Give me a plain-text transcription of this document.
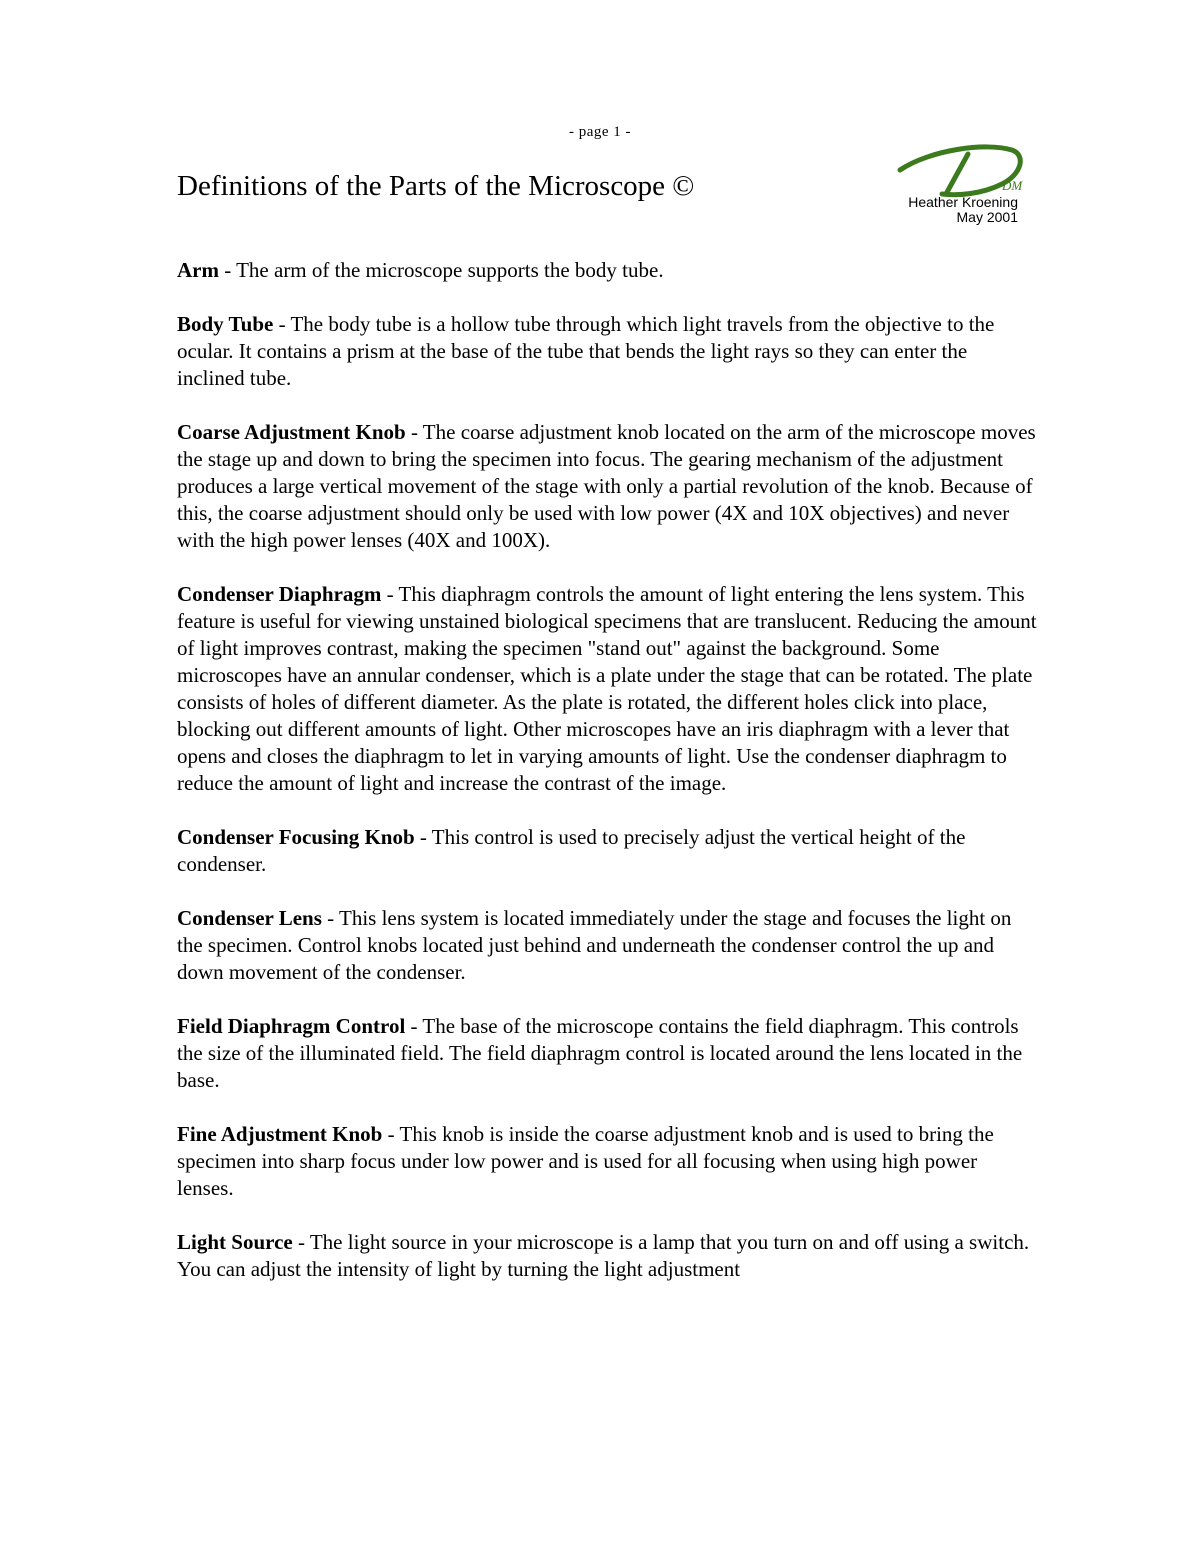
- page 1 -
Definitions of the Parts of the Microscope ©	DM
Heather Kroening
May 2001

Arm - The arm of the microscope supports the body tube.

Body Tube - The body tube is a hollow tube through which light travels from the objective to the ocular. It contains a prism at the base of the tube that bends the light rays so they can enter the inclined tube.

Coarse Adjustment Knob - The coarse adjustment knob located on the arm of the microscope moves the stage up and down to bring the specimen into focus. The gearing mechanism of the adjustment produces a large vertical movement of the stage with only a partial revolution of the knob. Because of this, the coarse adjustment should only be used with low power (4X and 10X objectives) and never with the high power lenses (40X and 100X).

Condenser Diaphragm - This diaphragm controls the amount of light entering the lens system. This feature is useful for viewing unstained biological specimens that are translucent. Reducing the amount of light improves contrast, making the specimen "stand out" against the background. Some microscopes have an annular condenser, which is a plate under the stage that can be rotated. The plate consists of holes of different diameter. As the plate is rotated, the different holes click into place, blocking out different amounts of light. Other microscopes have an iris diaphragm with a lever that opens and closes the diaphragm to let in varying amounts of light. Use the condenser diaphragm to reduce the amount of light and increase the contrast of the image.

Condenser Focusing Knob - This control is used to precisely adjust the vertical height of the condenser.

Condenser Lens - This lens system is located immediately under the stage and focuses the light on the specimen. Control knobs located just behind and underneath the condenser control the up and down movement of the condenser.

Field Diaphragm Control - The base of the microscope contains the field diaphragm. This controls the size of the illuminated field. The field diaphragm control is located around the lens located in the base.

Fine Adjustment Knob - This knob is inside the coarse adjustment knob and is used to bring the specimen into sharp focus under low power and is used for all focusing when using high power lenses.

Light Source - The light source in your microscope is a lamp that you turn on and off using a switch. You can adjust the intensity of light by turning the light adjustment
